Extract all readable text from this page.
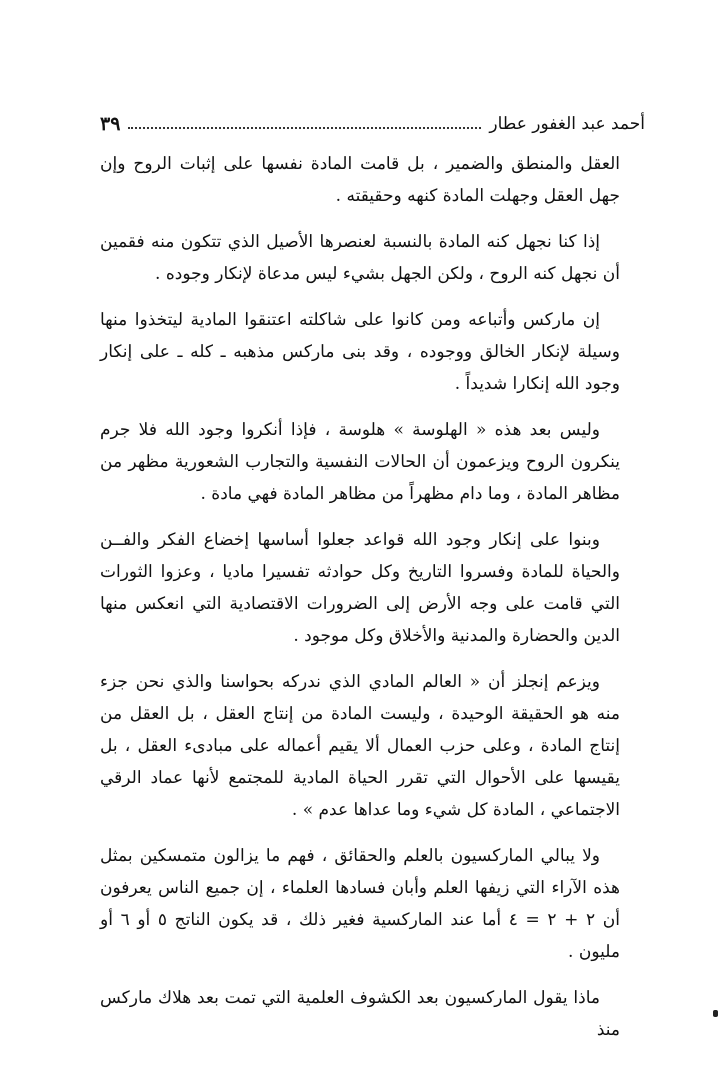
أحمد عبد الغفور عطار
٣٩

العقل والمنطق والضمير ، بل قامت المادة نفسها على إثبات الروح وإن جهل العقل وجهلت المادة كنهه وحقيقته .

إذا كنا نجهل كنه المادة بالنسبة لعنصرها الأصيل الذي تتكون منه فقمين أن نجهل كنه الروح ، ولكن الجهل بشيء ليس مدعاة لإنكار وجوده .

إن ماركس وأتباعه ومن كانوا على شاكلته اعتنقوا المادية ليتخذوا منها وسيلة لإنكار الخالق ووجوده ، وقد بنى ماركس مذهبه ـ كله ـ على إنكار وجود الله إنكارا شديداً .

وليس بعد هذه « الهلوسة » هلوسة ، فإذا أنكروا وجود الله فلا جرم ينكرون الروح ويزعمون أن الحالات النفسية والتجارب الشعورية مظهر من مظاهر المادة ، وما دام مظهراً من مظاهر المادة فهي مادة .

وبنوا على إنكار وجود الله قواعد جعلوا أساسها إخضاع الفكر والفــن والحياة للمادة وفسروا التاريخ وكل حوادثه تفسيرا ماديا ، وعزوا الثورات التي قامت على وجه الأرض إلى الضرورات الاقتصادية التي انعكس منها الدين والحضارة والمدنية والأخلاق وكل موجود .

ويزعم إنجلز أن « العالم المادي الذي ندركه بحواسنا والذي نحن جزء منه هو الحقيقة الوحيدة ، وليست المادة من إنتاج العقل ، بل العقل من إنتاج المادة ، وعلى حزب العمال ألا يقيم أعماله على مبادىء العقل ، بل يقيسها على الأحوال التي تقرر الحياة المادية للمجتمع لأنها عماد الرقي الاجتماعي ، المادة كل شيء وما عداها عدم » .

ولا يبالي الماركسيون بالعلم والحقائق ، فهم ما يزالون متمسكين بمثل هذه الآراء التي زيفها العلم وأبان فساد‌ها العلماء ، إن جميع الناس يعرفون أن ٢ + ٢ = ٤ أما عند الماركسية فغير ذلك ، قد يكون الناتج ٥ أو ٦ أو مليون .

ماذا يقول الماركسيون بعد الكشوف العلمية التي تمت بعد هلاك ماركس منذ
